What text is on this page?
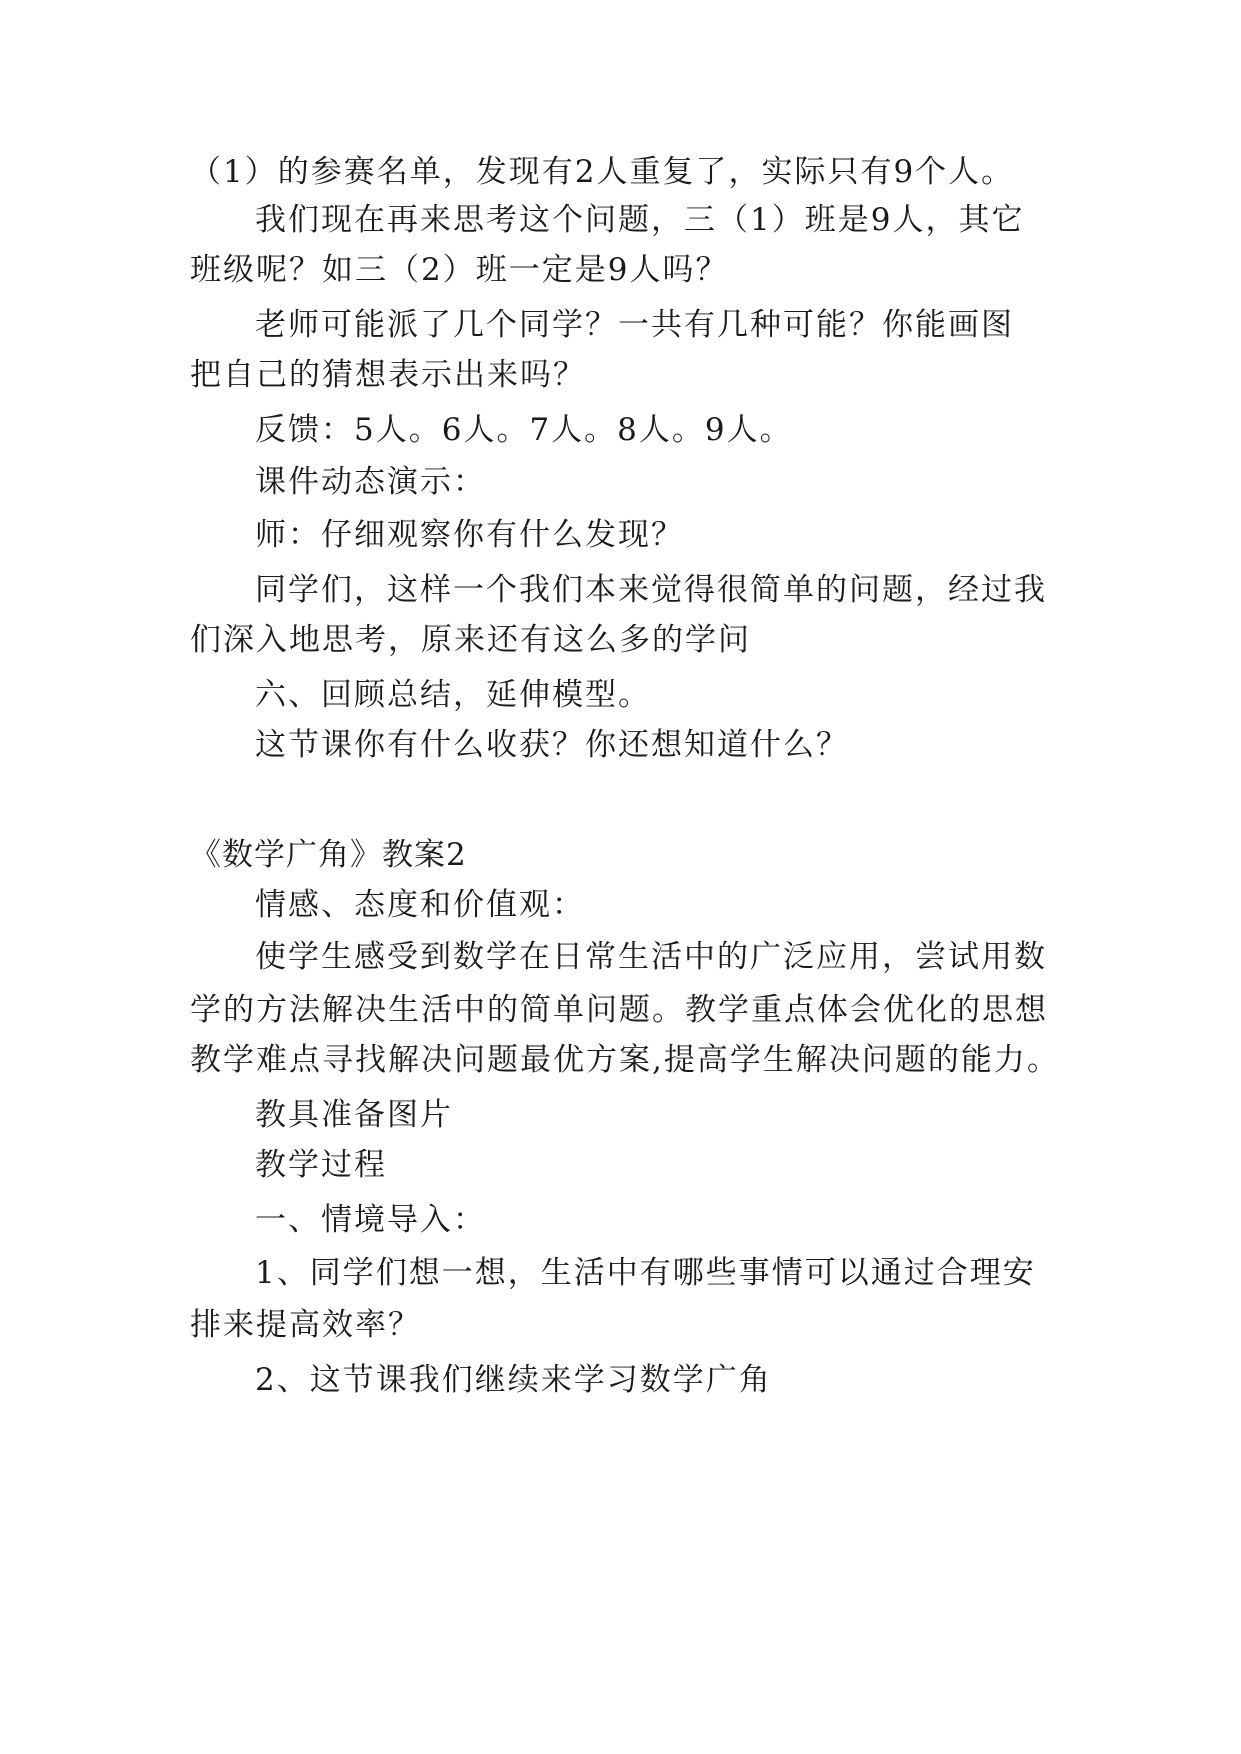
（1）的参赛名单，发现有2人重复了，实际只有9个人。
我们现在再来思考这个问题，三（1）班是9人，其它
班级呢？如三（2）班一定是9人吗？
老师可能派了几个同学？一共有几种可能？你能画图
把自己的猜想表示出来吗？
反馈：5人。6人。7人。8人。9人。
课件动态演示：
师：仔细观察你有什么发现？
同学们，这样一个我们本来觉得很简单的问题，经过我
们深入地思考，原来还有这么多的学问
六、回顾总结，延伸模型。
这节课你有什么收获？你还想知道什么？
《数学广角》教案2
情感、态度和价值观：
使学生感受到数学在日常生活中的广泛应用，尝试用数
学的方法解决生活中的简单问题。教学重点体会优化的思想
教学难点寻找解决问题最优方案,提高学生解决问题的能力。
教具准备图片
教学过程
一、情境导入：
1、同学们想一想，生活中有哪些事情可以通过合理安
排来提高效率？
2、这节课我们继续来学习数学广角
